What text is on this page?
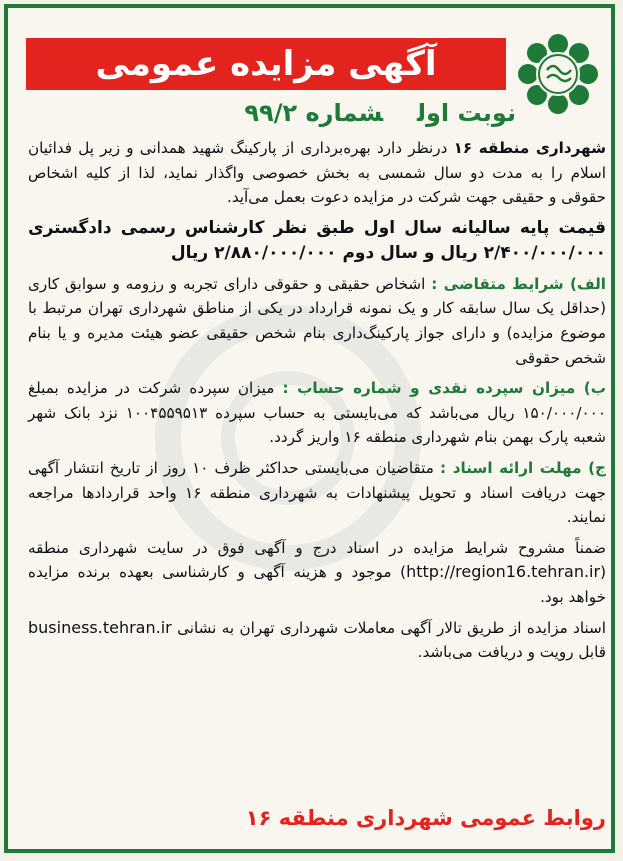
آگهی مزایده عمومی
نوبت اولشماره ۹۹/۲

شهرداری منطقه ۱۶ درنظر دارد بهره‌برداری از پارکینگ شهید همدانی و زیر پل فدائیان اسلام را به مدت دو سال شمسی به بخش خصوصی واگذار نماید، لذا از کلیه اشخاص حقوقی و حقیقی جهت شرکت در مزایده دعوت بعمل می‌آید.

قیمت پایه سالیانه سال اول طبق نظر کارشناس رسمی دادگستری ۲/۴۰۰/۰۰۰/۰۰۰ ریال و سال دوم ۲/۸۸۰/۰۰۰/۰۰۰ ریال

الف) شرایط متقاضی : اشخاص حقیقی و حقوقی دارای تجربه و رزومه و سوابق کاری (حداقل یک سال سابقه کار و یک نمونه قرارداد در یکی از مناطق شهرداری تهران مرتبط با موضوع مزایده) و دارای جواز پارکینگ‌داری بنام شخص حقیقی عضو هیئت مدیره و یا بنام شخص حقوقی

ب) میزان سپرده نقدی و شماره حساب : میزان سپرده شرکت در مزایده بمبلغ ۱۵۰/۰۰۰/۰۰۰ ریال می‌باشد که می‌بایستی به حساب سپرده ۱۰۰۴۵۵۹۵۱۳ نزد بانک شهر شعبه پارک بهمن بنام شهرداری منطقه ۱۶ واریز گردد.

ج) مهلت ارائه اسناد : متقاضیان می‌بایستی حداکثر ظرف ۱۰ روز از تاریخ انتشار آگهی جهت دریافت اسناد و تحویل پیشنهادات به شهرداری منطقه ۱۶ واحد قراردادها مراجعه نمایند.

ضمناً مشروح شرایط مزایده در اسناد درج و آگهی فوق در سایت شهرداری منطقه (http://region16.tehran.ir) موجود و هزینه آگهی و کارشناسی بعهده برنده مزایده خواهد بود.

اسناد مزایده از طریق تالار آگهی معاملات شهرداری تهران به نشانی business.tehran.ir قابل رویت و دریافت می‌باشد.

روابط عمومی شهرداری منطقه ۱۶
